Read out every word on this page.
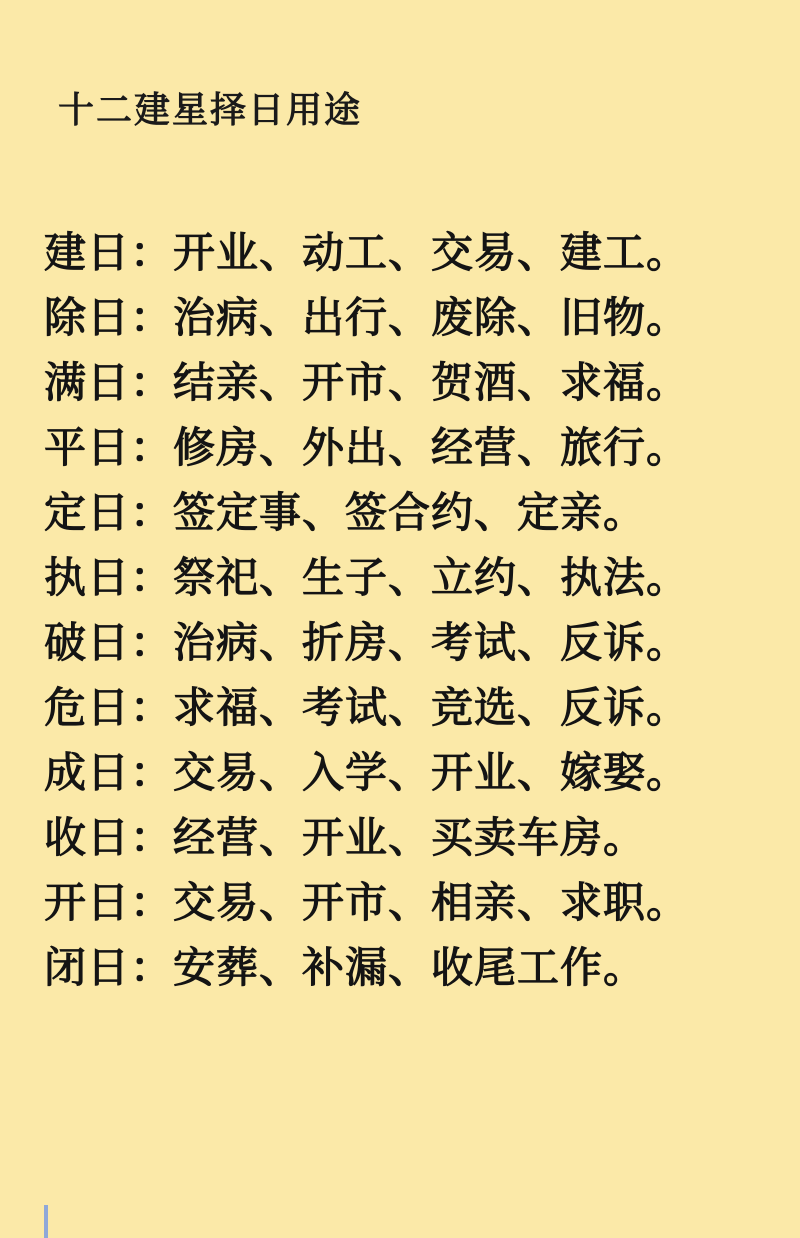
十二建星择日用途
建日： 开业、动工、交易、建工。
除日： 治病、出行、废除、旧物。
满日： 结亲、开市、贺酒、求福。
平日： 修房、外出、经营、旅行。
定日： 签定事、签合约、定亲。
执日： 祭祀、生子、立约、执法。
破日： 治病、折房、考试、反诉。
危日： 求福、考试、竞选、反诉。
成日： 交易、入学、开业、嫁娶。
收日： 经营、开业、买卖车房。
开日： 交易、开市、相亲、求职。
闭日： 安葬、补漏、收尾工作。
